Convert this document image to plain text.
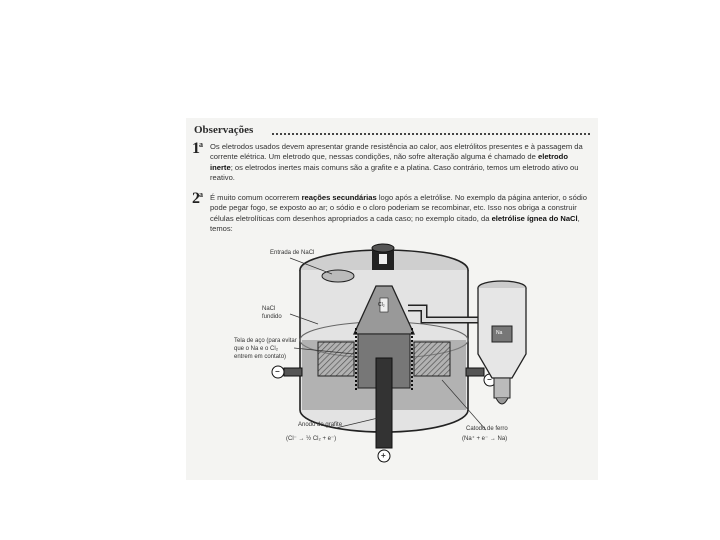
Observações
1$^a$ Os eletrodos usados devem apresentar grande resistência ao calor, aos eletrólitos presentes e à passagem da corrente elétrica. Um eletrodo que, nessas condições, não sofre alteração alguma é chamado de eletrodo inerte; os eletrodos inertes mais comuns são a grafite e a platina. Caso contrário, temos um eletrodo ativo ou reativo.
2$^a$ É muito comum ocorrerem reações secundárias logo após a eletrólise. No exemplo da página anterior, o sódio pode pegar fogo, se exposto ao ar; o sódio e o cloro poderiam se recombinar, etc. Isso nos obriga a construir células eletrolíticas com desenhos apropriados a cada caso; no exemplo citado, da eletrólise ígnea do NaCl, temos:
Entrada de NaCl
NaCl
fundido
Tela de aço (para evitar
que o Na e o Cl₂
entrem em contato)
Anodo de grafite
(Cl⁻ → ½ Cl₂ + e⁻)
Catodo de ferro
(Na⁺ + e⁻ → Na)
Cl₂
Na
−
−
+
